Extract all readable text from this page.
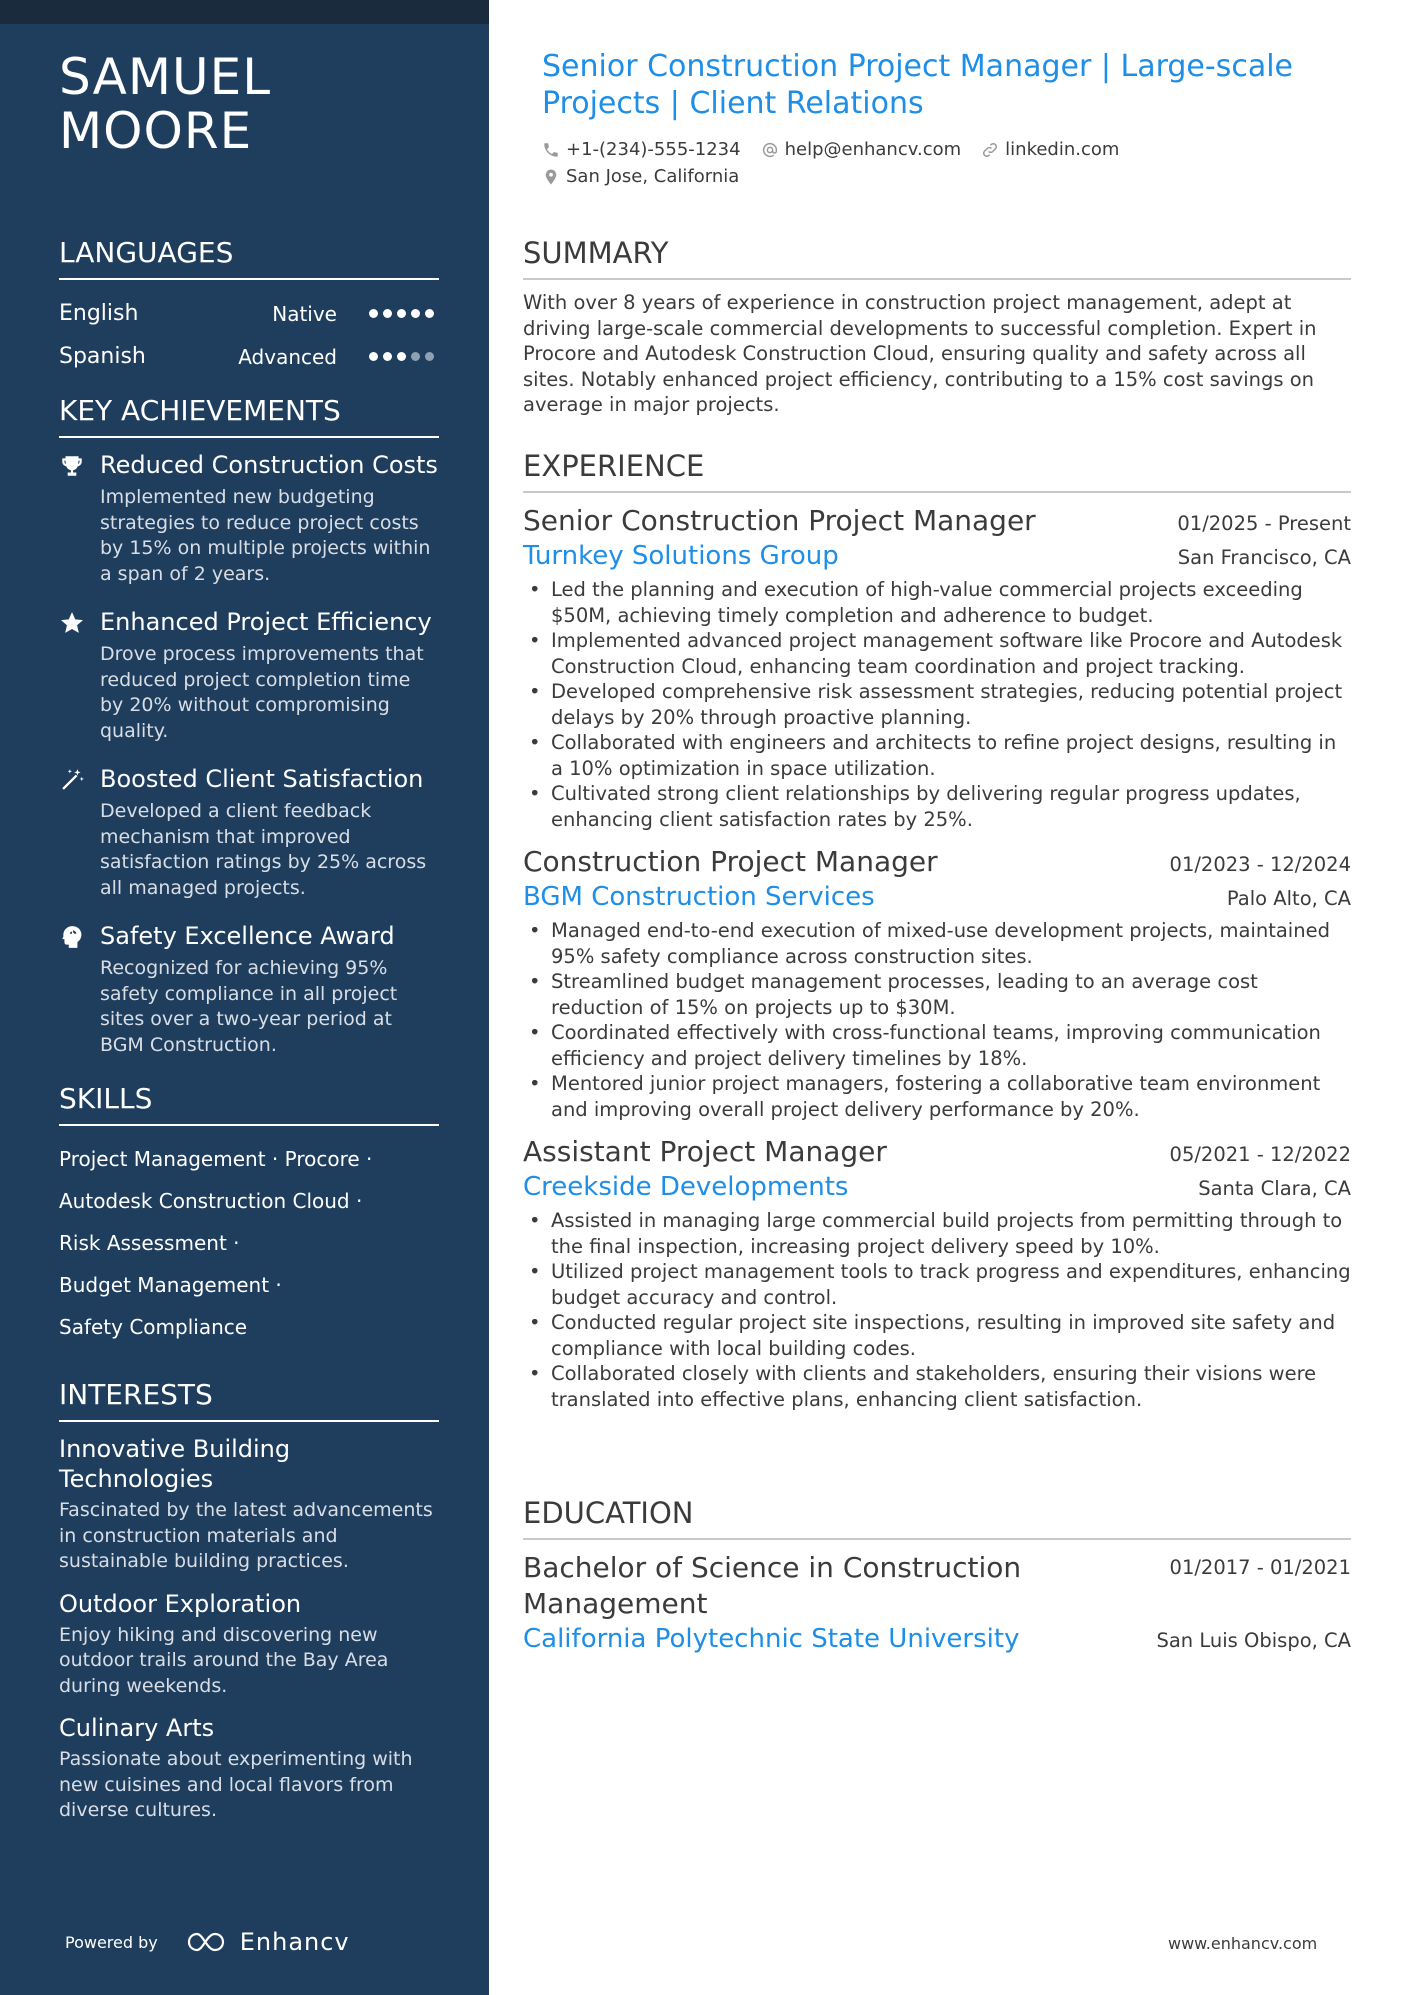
SAMUEL
MOORE
LANGUAGES
English	Native
Spanish	Advanced
KEY ACHIEVEMENTS
Reduced Construction Costs
Implemented new budgeting strategies to reduce project costs by 15% on multiple projects within a span of 2 years.
Enhanced Project Efficiency
Drove process improvements that reduced project completion time by 20% without compromising quality.
Boosted Client Satisfaction
Developed a client feedback mechanism that improved satisfaction ratings by 25% across all managed projects.
Safety Excellence Award
Recognized for achieving 95% safety compliance in all project sites over a two-year period at BGM Construction.
SKILLS
Project Management · Procore ·
Autodesk Construction Cloud ·
Risk Assessment ·
Budget Management ·
Safety Compliance
INTERESTS
Innovative Building Technologies
Fascinated by the latest advancements in construction materials and sustainable building practices.
Outdoor Exploration
Enjoy hiking and discovering new outdoor trails around the Bay Area during weekends.
Culinary Arts
Passionate about experimenting with new cuisines and local flavors from diverse cultures.
Powered by	Enhancv
Senior Construction Project Manager | Large-scale Projects | Client Relations
+1-(234)-555-1234 help@enhancv.com linkedin.com
San Jose, California
SUMMARY
With over 8 years of experience in construction project management, adept at driving large-scale commercial developments to successful completion. Expert in Procore and Autodesk Construction Cloud, ensuring quality and safety across all sites. Notably enhanced project efficiency, contributing to a 15% cost savings on average in major projects.
EXPERIENCE
Senior Construction Project Manager	01/2025 - Present
Turnkey Solutions Group	San Francisco, CA
• Led the planning and execution of high-value commercial projects exceeding $50M, achieving timely completion and adherence to budget.
• Implemented advanced project management software like Procore and Autodesk Construction Cloud, enhancing team coordination and project tracking.
• Developed comprehensive risk assessment strategies, reducing potential project delays by 20% through proactive planning.
• Collaborated with engineers and architects to refine project designs, resulting in a 10% optimization in space utilization.
• Cultivated strong client relationships by delivering regular progress updates, enhancing client satisfaction rates by 25%.
Construction Project Manager	01/2023 - 12/2024
BGM Construction Services	Palo Alto, CA
• Managed end-to-end execution of mixed-use development projects, maintained 95% safety compliance across construction sites.
• Streamlined budget management processes, leading to an average cost reduction of 15% on projects up to $30M.
• Coordinated effectively with cross-functional teams, improving communication efficiency and project delivery timelines by 18%.
• Mentored junior project managers, fostering a collaborative team environment and improving overall project delivery performance by 20%.
Assistant Project Manager	05/2021 - 12/2022
Creekside Developments	Santa Clara, CA
• Assisted in managing large commercial build projects from permitting through to the final inspection, increasing project delivery speed by 10%.
• Utilized project management tools to track progress and expenditures, enhancing budget accuracy and control.
• Conducted regular project site inspections, resulting in improved site safety and compliance with local building codes.
• Collaborated closely with clients and stakeholders, ensuring their visions were translated into effective plans, enhancing client satisfaction.
EDUCATION
Bachelor of Science in Construction Management
01/2017 - 01/2021
California Polytechnic State University	San Luis Obispo, CA
www.enhancv.com
